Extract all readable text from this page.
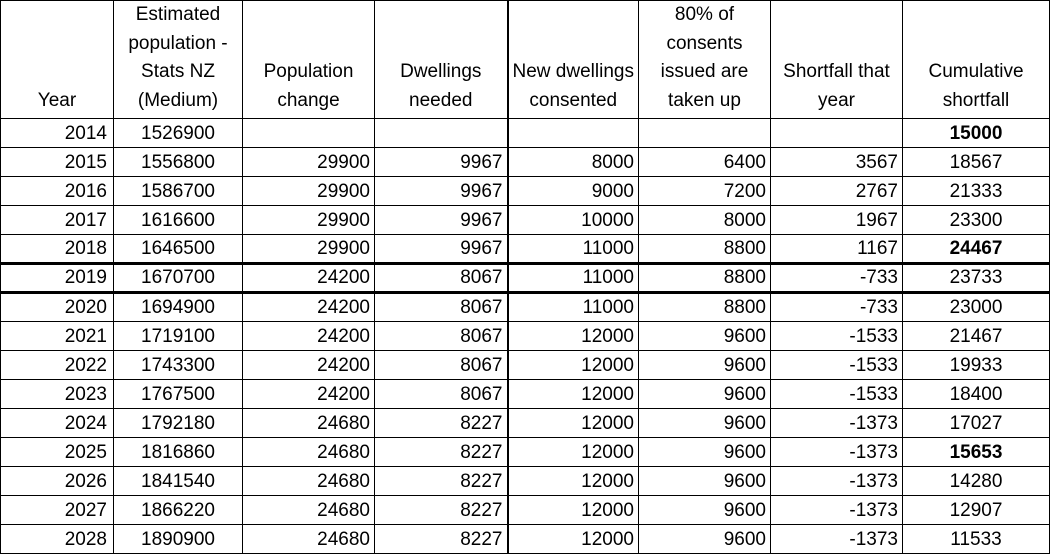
Year	Estimated population - Stats NZ (Medium)	Population change	Dwellings needed	New dwellings consented	80% of consents issued are taken up	Shortfall that year	Cumulative shortfall
2014	1526900						15000
2015	1556800	29900	9967	8000	6400	3567	18567
2016	1586700	29900	9967	9000	7200	2767	21333
2017	1616600	29900	9967	10000	8000	1967	23300
2018	1646500	29900	9967	11000	8800	1167	24467
2019	1670700	24200	8067	11000	8800	-733	23733
2020	1694900	24200	8067	11000	8800	-733	23000
2021	1719100	24200	8067	12000	9600	-1533	21467
2022	1743300	24200	8067	12000	9600	-1533	19933
2023	1767500	24200	8067	12000	9600	-1533	18400
2024	1792180	24680	8227	12000	9600	-1373	17027
2025	1816860	24680	8227	12000	9600	-1373	15653
2026	1841540	24680	8227	12000	9600	-1373	14280
2027	1866220	24680	8227	12000	9600	-1373	12907
2028	1890900	24680	8227	12000	9600	-1373	11533
